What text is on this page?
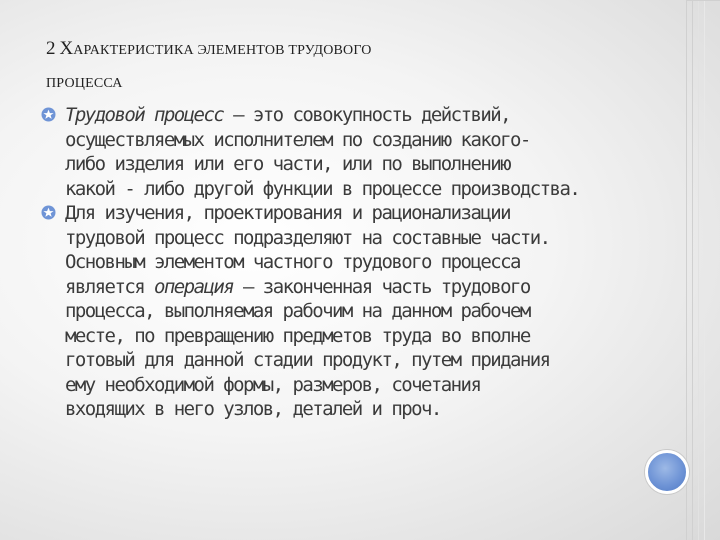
2 ХАРАКТЕРИСТИКА ЭЛЕМЕНТОВ ТРУДОВОГО
ПРОЦЕССА
Трудовой процесс – это совокупность действий,
осуществляемых исполнителем по созданию какого-
либо изделия или его части, или по выполнению
какой - либо другой функции в процессе производства.
Для изучения, проектирования и рационализации
трудовой процесс подразделяют на составные части.
Основным элементом частного трудового процесса
является операция – законченная часть трудового
процесса, выполняемая рабочим на данном рабочем
месте, по превращению предметов труда во вполне
готовый для данной стадии продукт, путем придания
ему необходимой формы, размеров, сочетания
входящих в него узлов, деталей и проч.
